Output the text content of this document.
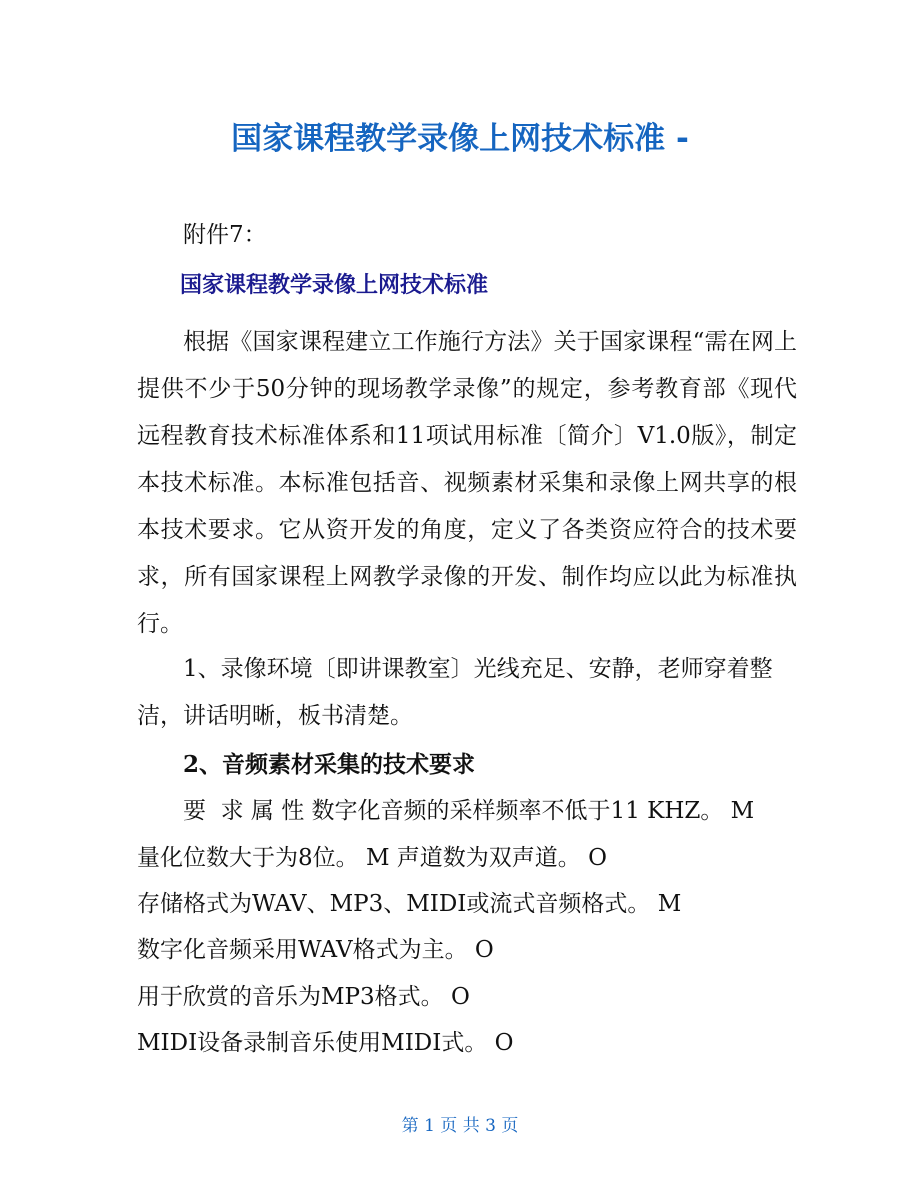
国家课程教学录像上网技术标准 -

附件7：

国家课程教学录像上网技术标准

根据《国家课程建立工作施行方法》关于国家课程“需在网上提供不少于50分钟的现场教学录像”的规定，参考教育部《现代远程教育技术标准体系和11项试用标准〔简介〕V1.0版》，制定本技术标准。本标准包括音、视频素材采集和录像上网共享的根本技术要求。它从资开发的角度，定义了各类资应符合的技术要求，所有国家课程上网教学录像的开发、制作均应以此为标准执行。

1、录像环境〔即讲课教室〕光线充足、安静，老师穿着整洁，讲话明晰，板书清楚。

2、音频素材采集的技术要求

要  求 属 性 数字化音频的采样频率不低于11 KHZ。 M

量化位数大于为8位。 M 声道数为双声道。 O

存储格式为WAV、MP3、MIDI或流式音频格式。 M

数字化音频采用WAV格式为主。 O

用于欣赏的音乐为MP3格式。 O

MIDI设备录制音乐使用MIDI式。 O

第 1 页 共 3 页
